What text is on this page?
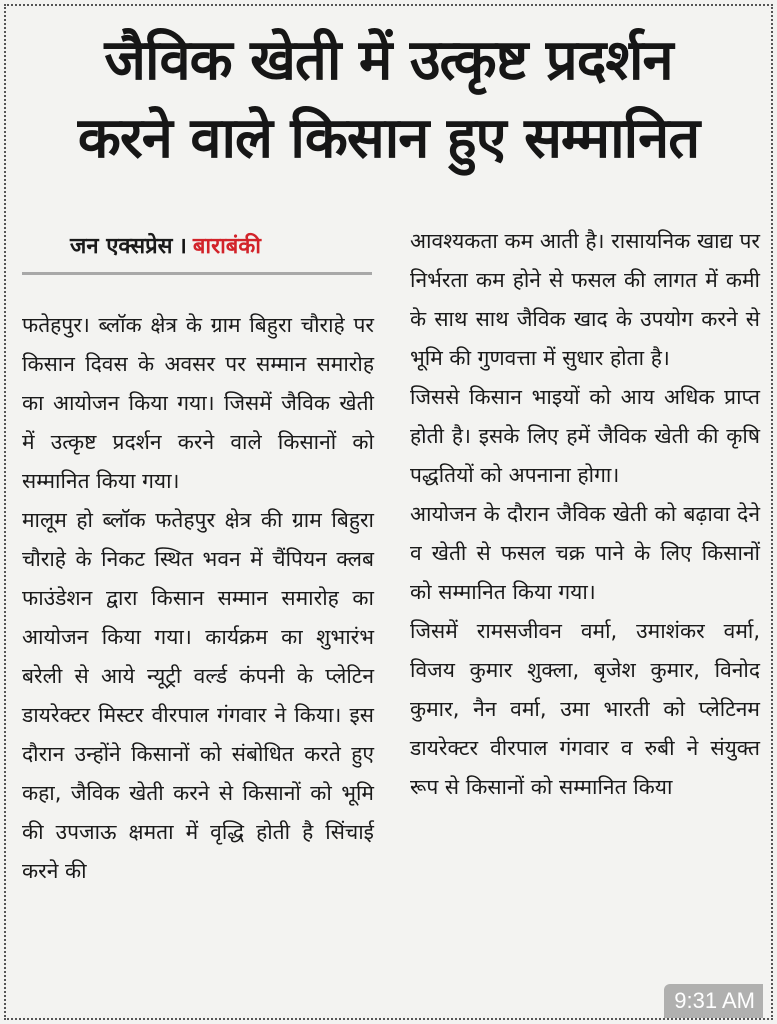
जैविक खेती में उत्कृष्ट प्रदर्शन
करने वाले किसान हुए सम्मानित
जन एक्सप्रेस । बाराबंकी

फतेहपुर। ब्लॉक क्षेत्र के ग्राम बिहुरा चौराहे पर किसान दिवस के अवसर पर सम्मान समारोह का आयोजन किया गया। जिसमें जैविक खेती में उत्कृष्ट प्रदर्शन करने वाले किसानों को सम्मानित किया गया।

मालूम हो ब्लॉक फतेहपुर क्षेत्र की ग्राम बिहुरा चौराहे के निकट स्थित भवन में चैंपियन क्लब फाउंडेशन द्वारा किसान सम्मान समारोह का आयोजन किया गया। कार्यक्रम का शुभारंभ बरेली से आये न्यूट्री वर्ल्ड कंपनी के प्लेटिन डायरेक्टर मिस्टर वीरपाल गंगवार ने किया। इस दौरान उन्होंने किसानों को संबोधित करते हुए कहा, जैविक खेती करने से किसानों को भूमि की उपजाऊ क्षमता में वृद्धि होती है सिंचाई करने की

आवश्यकता कम आती है। रासायनिक खाद्य पर निर्भरता कम होने से फसल की लागत में कमी के साथ साथ जैविक खाद के उपयोग करने से भूमि की गुणवत्ता में सुधार होता है।

जिससे किसान भाइयों को आय अधिक प्राप्त होती है। इसके लिए हमें जैविक खेती की कृषि पद्धतियों को अपनाना होगा।

आयोजन के दौरान जैविक खेती को बढ़ावा देने व खेती से फसल चक्र पाने के लिए किसानों को सम्मानित किया गया।

जिसमें रामसजीवन वर्मा, उमाशंकर वर्मा, विजय कुमार शुक्ला, बृजेश कुमार, विनोद कुमार, नैन वर्मा, उमा भारती को प्लेटिनम डायरेक्टर वीरपाल गंगवार व रुबी ने संयुक्त रूप से किसानों को सम्मानित किया

9:31 AM
